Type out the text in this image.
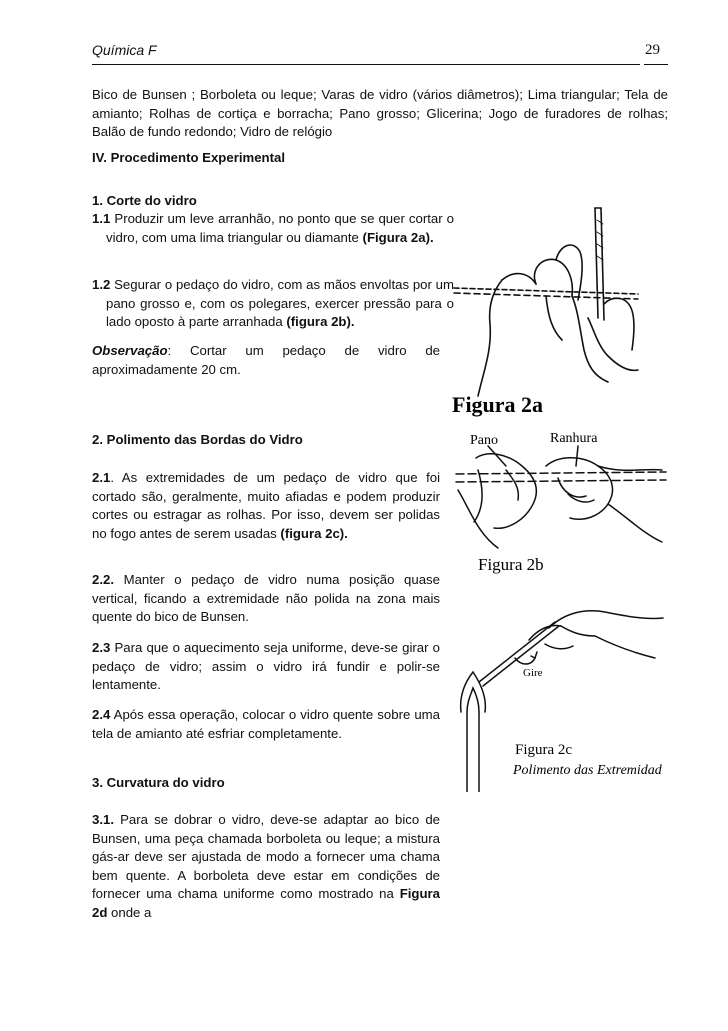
Química F	29

Bico de Bunsen ; Borboleta ou leque; Varas de vidro (vários diâmetros); Lima triangular; Tela de amianto; Rolhas de cortiça e borracha; Pano grosso; Glicerina; Jogo de furadores de rolhas; Balão de fundo redondo; Vidro de relógio

IV. Procedimento Experimental

1. Corte do vidro

1.1 Produzir um leve arranhão, no ponto que se quer cortar o vidro, com uma lima triangular ou diamante (Figura 2a).

1.2 Segurar o pedaço do vidro, com as mãos envoltas por um pano grosso e, com os polegares, exercer pressão para o lado oposto à parte arranhada (figura 2b).

Observação: Cortar um pedaço de vidro de aproximadamente 20 cm.

2. Polimento das Bordas do Vidro

2.1. As extremidades de um pedaço de vidro que foi cortado são, geralmente, muito afiadas e podem produzir cortes ou estragar as rolhas. Por isso, devem ser polidas no fogo antes de serem usadas (figura 2c).

2.2. Manter o pedaço de vidro numa posição quase vertical, ficando a extremidade não polida na zona mais quente do bico de Bunsen.

2.3 Para que o aquecimento seja uniforme, deve-se girar o pedaço de vidro; assim o vidro irá fundir e polir-se lentamente.

2.4 Após essa operação, colocar o vidro quente sobre uma tela de amianto até esfriar completamente.

3. Curvatura do vidro

3.1. Para se dobrar o vidro, deve-se adaptar ao bico de Bunsen, uma peça chamada borboleta ou leque; a mistura gás-ar deve ser ajustada de modo a fornecer uma chama bem quente. A borboleta deve estar em condições de fornecer uma chama uniforme como mostrado na Figura 2d onde a

Figura 2a
Pano	Ranhura
Figura 2b
Gire
Figura 2c
Polimento das Extremidad
